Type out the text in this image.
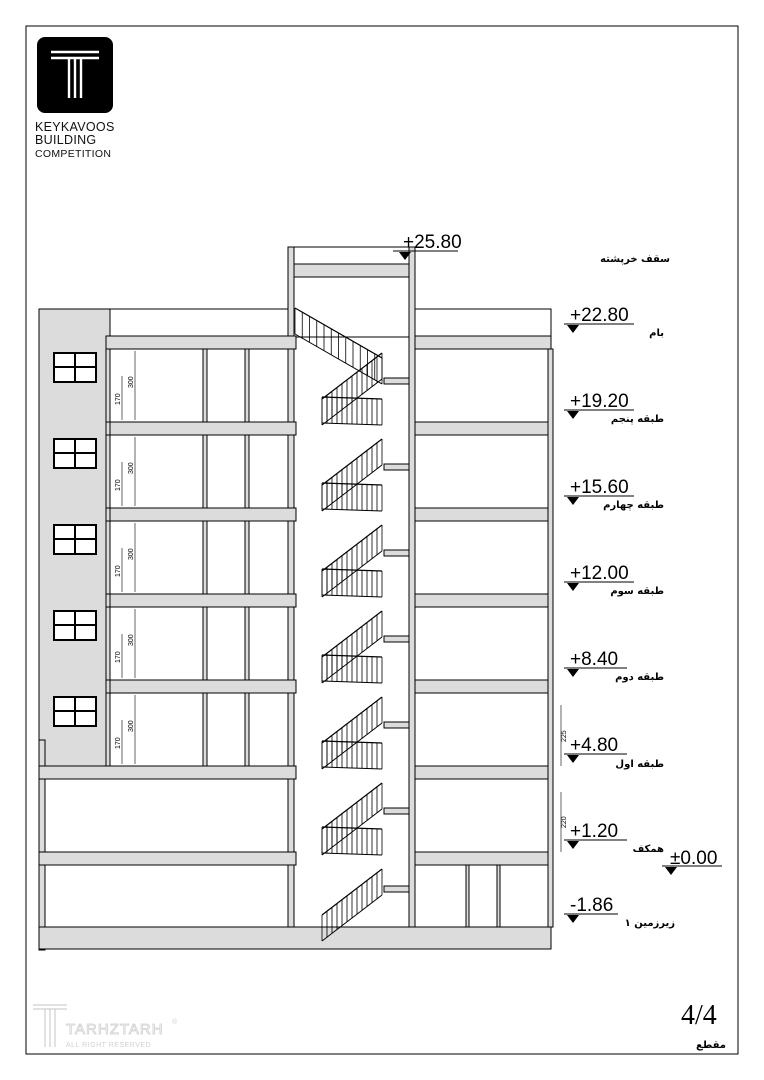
KEYKAVOOS
BUILDING
COMPETITION
170
300
170
300
170
300
170
300
170
300
225
220
+25.80
سقف خرپشته
+22.80
بام
+19.20
طبقه پنجم
+15.60
طبقه چهارم
+12.00
طبقه سوم
+8.40
طبقه دوم
+4.80
طبقه اول
+1.20
همکف ±0.00
-1.86
زیرزمین ۱
TARHZTARH
ALL RIGHT RESERVED
®	4/4
مقطع
